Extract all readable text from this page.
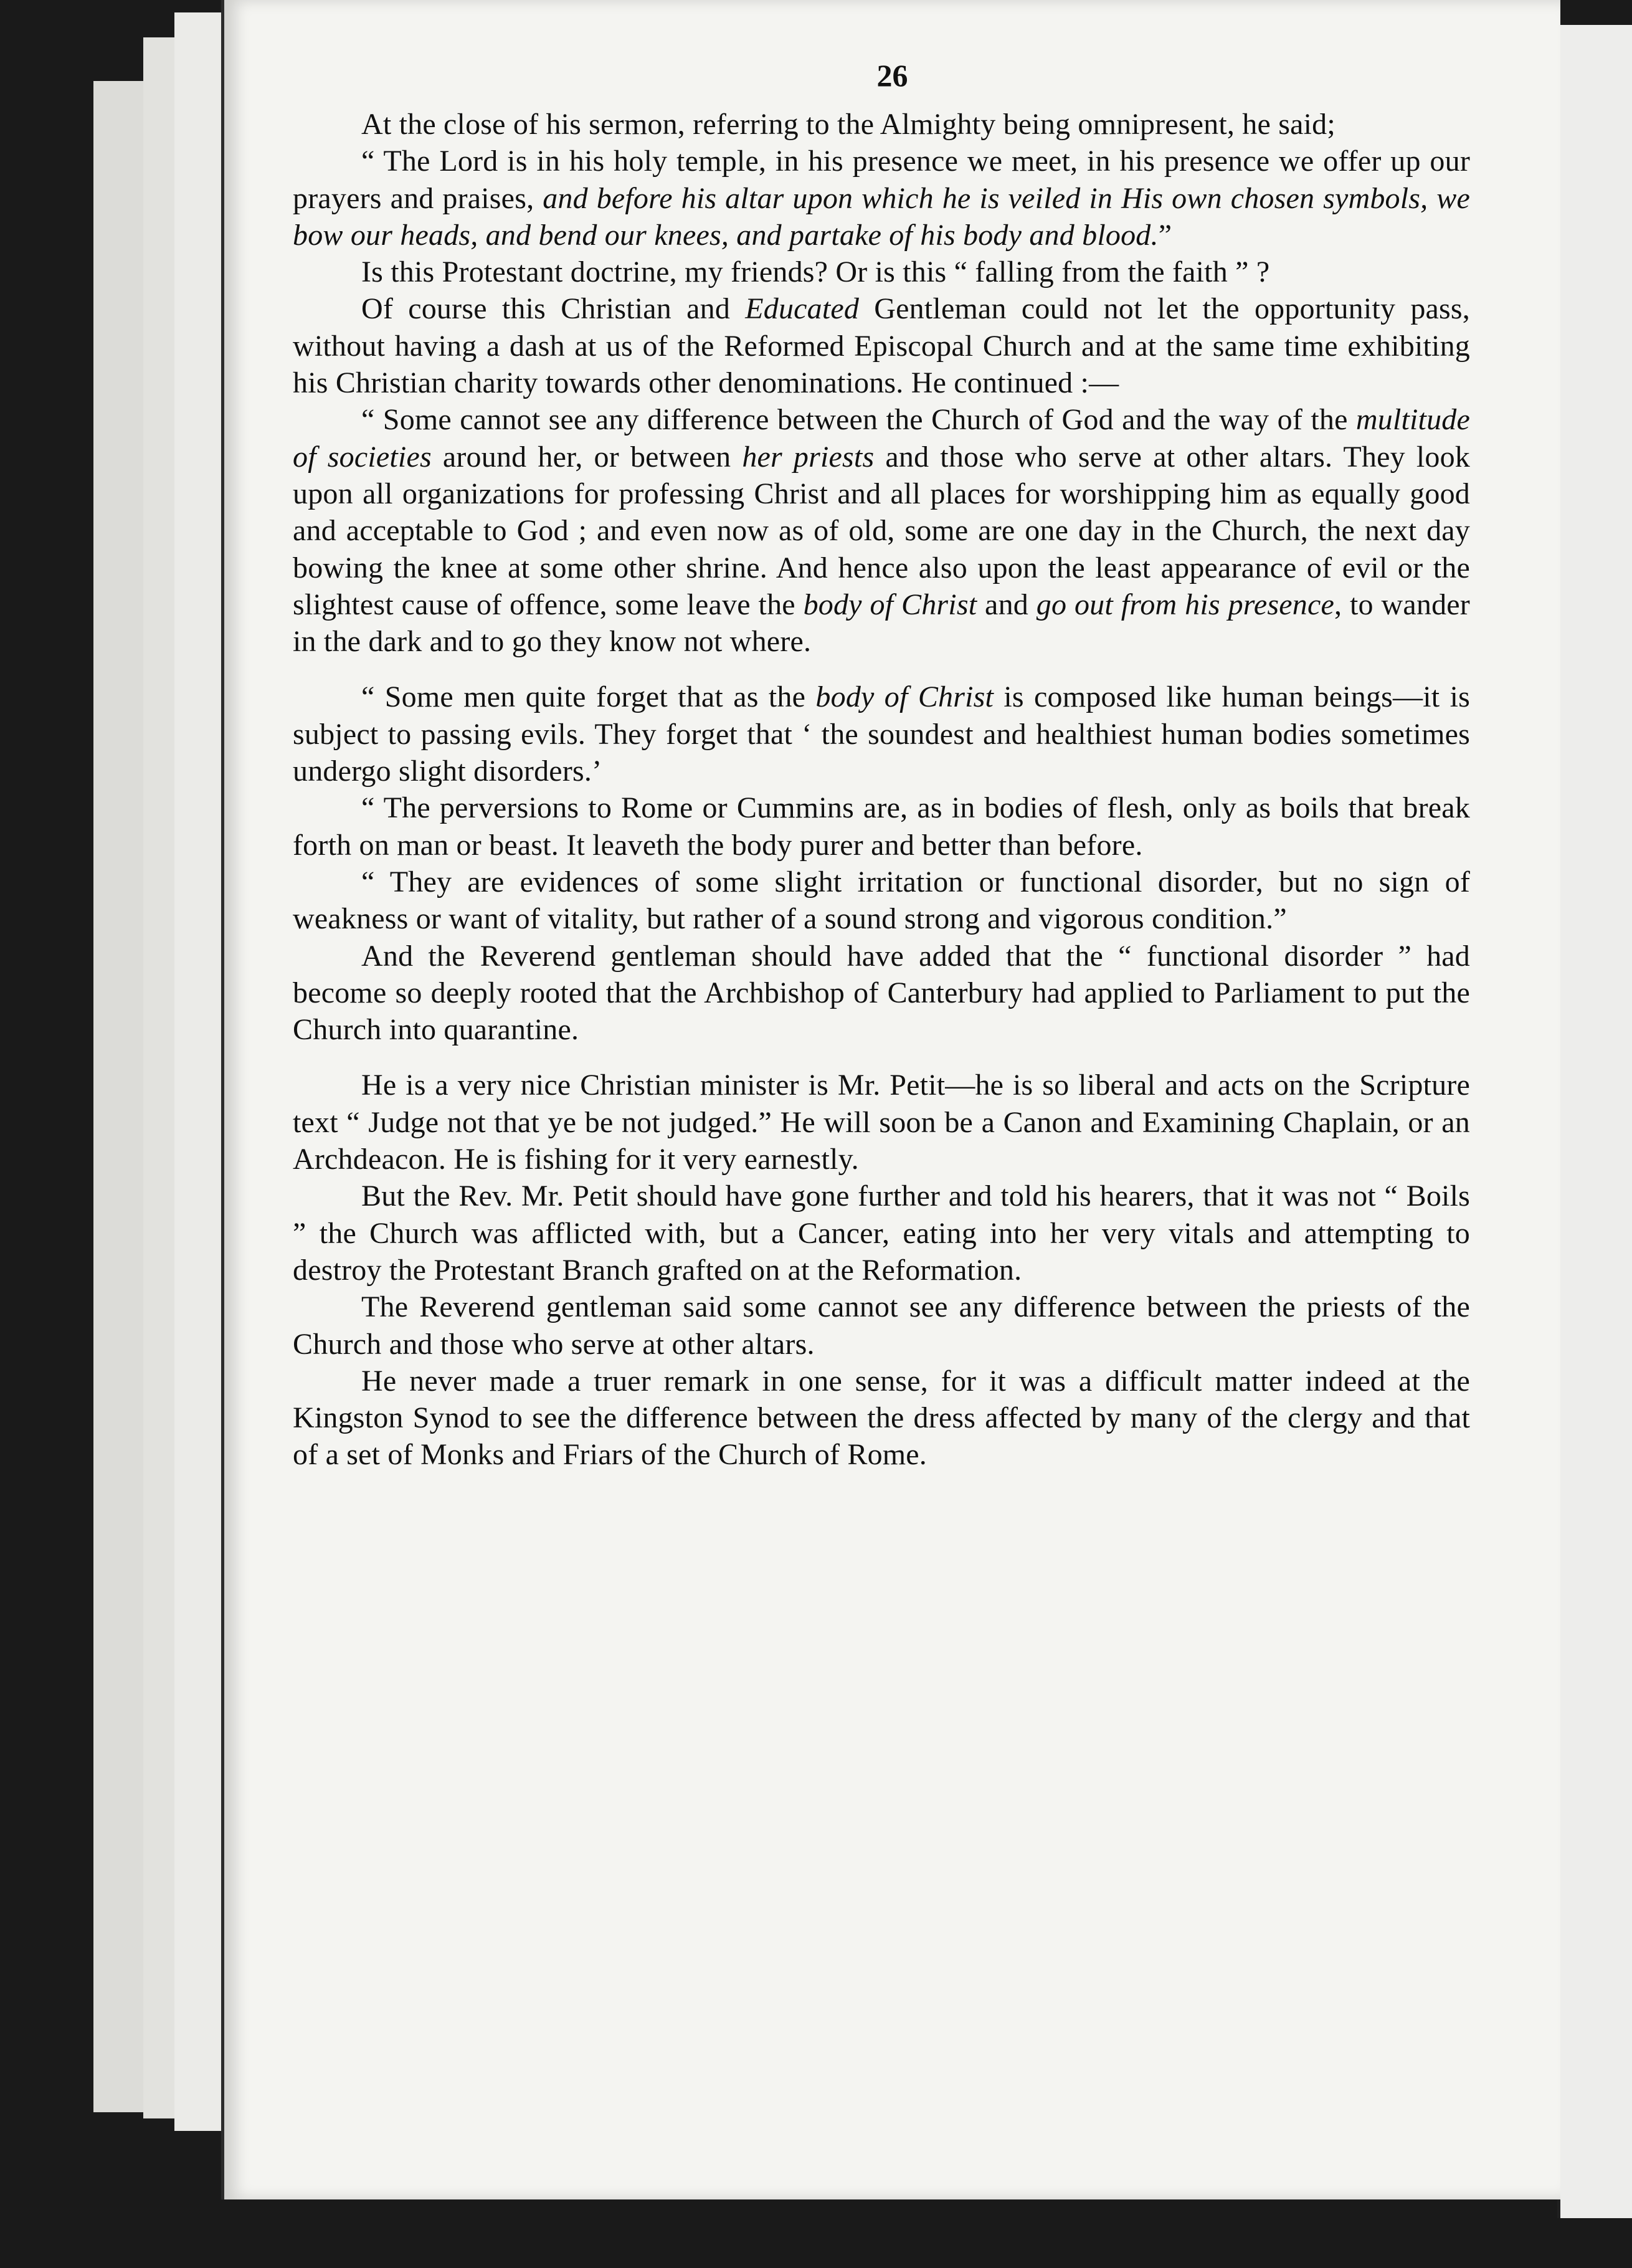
26

At the close of his sermon, referring to the Almighty being omnipresent, he said;

“ The Lord is in his holy temple, in his presence we meet, in his presence we offer up our prayers and praises, and before his altar upon which he is veiled in His own chosen symbols, we bow our heads, and bend our knees, and partake of his body and blood.”

Is this Protestant doctrine, my friends? Or is this “ falling from the faith ” ?

Of course this Christian and Educated Gentleman could not let the opportunity pass, without having a dash at us of the Reformed Episcopal Church and at the same time exhibiting his Christian charity towards other denominations. He continued :—

“ Some cannot see any difference between the Church of God and the way of the multitude of societies around her, or between her priests and those who serve at other altars. They look upon all organizations for professing Christ and all places for worshipping him as equally good and acceptable to God ; and even now as of old, some are one day in the Church, the next day bowing the knee at some other shrine. And hence also upon the least appearance of evil or the slightest cause of offence, some leave the body of Christ and go out from his presence, to wander in the dark and to go they know not where.

“ Some men quite forget that as the body of Christ is composed like human beings—it is subject to passing evils. They forget that ‘ the soundest and healthiest human bodies sometimes undergo slight disorders.’

“ The perversions to Rome or Cummins are, as in bodies of flesh, only as boils that break forth on man or beast. It leaveth the body purer and better than before.

“ They are evidences of some slight irritation or functional disorder, but no sign of weakness or want of vitality, but rather of a sound strong and vigorous condition.”

And the Reverend gentleman should have added that the “ functional disorder ” had become so deeply rooted that the Archbishop of Canterbury had applied to Parliament to put the Church into quarantine.

He is a very nice Christian minister is Mr. Petit—he is so liberal and acts on the Scripture text “ Judge not that ye be not judged.” He will soon be a Canon and Examining Chaplain, or an Archdeacon. He is fishing for it very earnestly.

But the Rev. Mr. Petit should have gone further and told his hearers, that it was not “ Boils ” the Church was afflicted with, but a Cancer, eating into her very vitals and attempting to destroy the Protestant Branch grafted on at the Reformation.

The Reverend gentleman said some cannot see any difference between the priests of the Church and those who serve at other altars.

He never made a truer remark in one sense, for it was a difficult matter indeed at the Kingston Synod to see the difference between the dress affected by many of the clergy and that of a set of Monks and Friars of the Church of Rome.
